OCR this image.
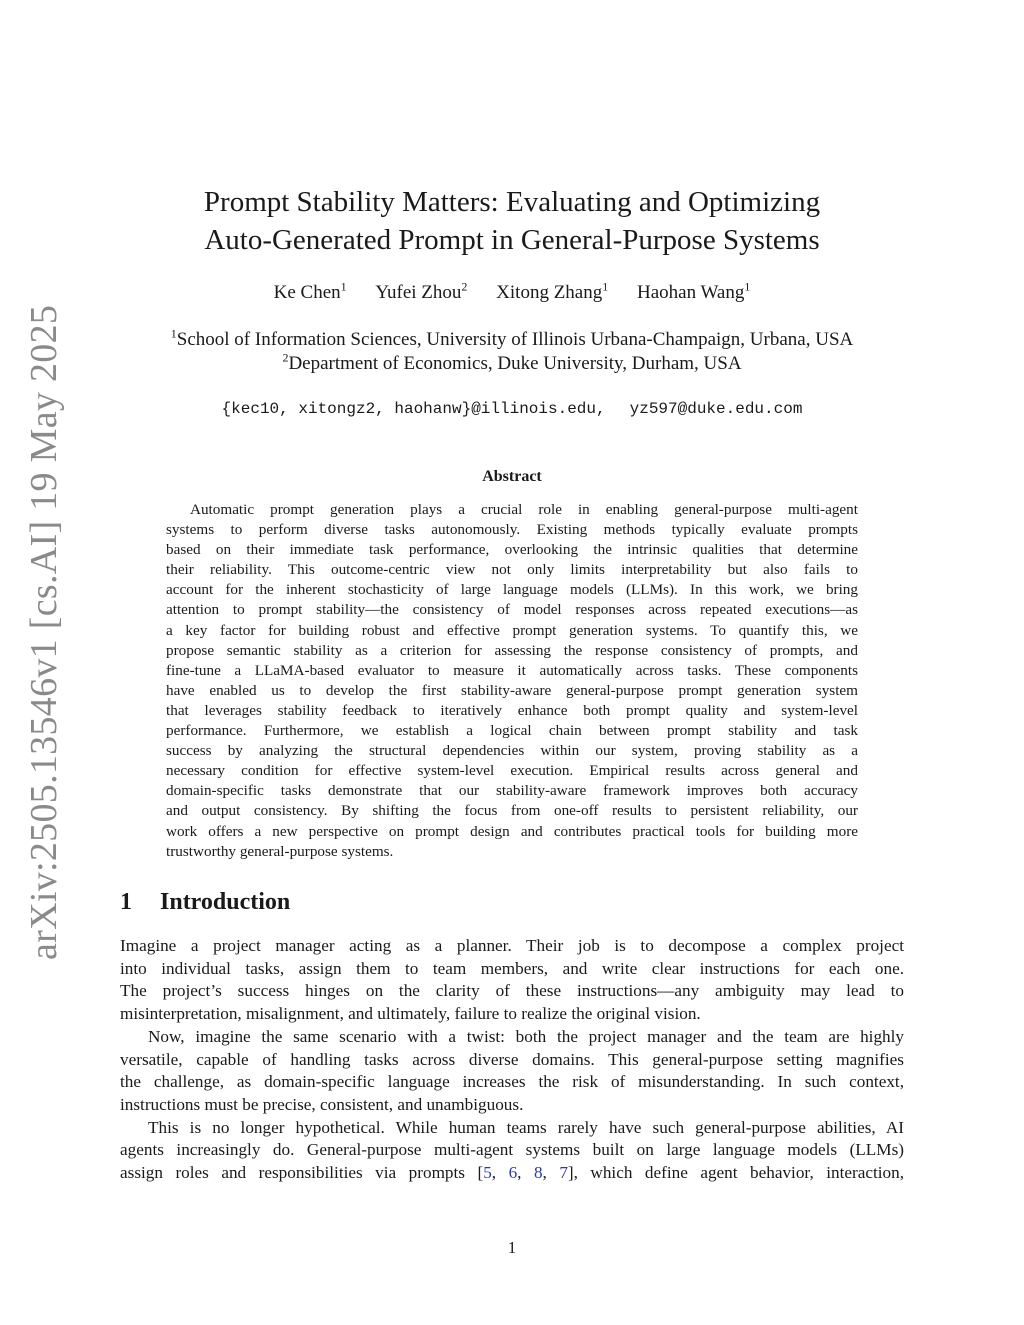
arXiv:2505.13546v1 [cs.AI] 19 May 2025
Prompt Stability Matters: Evaluating and Optimizing
Auto-Generated Prompt in General-Purpose Systems
Ke Chen$^1$ Yufei Zhou$^2$ Xitong Zhang$^1$ Haohan Wang$^1$
$^1$School of Information Sciences, University of Illinois Urbana-Champaign, Urbana, USA
$^2$Department of Economics, Duke University, Durham, USA
{kec10, xitongz2, haohanw}@illinois.edu, yz597@duke.edu.com
Abstract
Automatic prompt generation plays a crucial role in enabling general-purpose multi-agent
systems to perform diverse tasks autonomously. Existing methods typically evaluate prompts
based on their immediate task performance, overlooking the intrinsic qualities that determine
their reliability. This outcome-centric view not only limits interpretability but also fails to
account for the inherent stochasticity of large language models (LLMs). In this work, we bring
attention to prompt stability—the consistency of model responses across repeated executions—as
a key factor for building robust and effective prompt generation systems. To quantify this, we
propose semantic stability as a criterion for assessing the response consistency of prompts, and
fine-tune a LLaMA-based evaluator to measure it automatically across tasks. These components
have enabled us to develop the first stability-aware general-purpose prompt generation system
that leverages stability feedback to iteratively enhance both prompt quality and system-level
performance. Furthermore, we establish a logical chain between prompt stability and task
success by analyzing the structural dependencies within our system, proving stability as a
necessary condition for effective system-level execution. Empirical results across general and
domain-specific tasks demonstrate that our stability-aware framework improves both accuracy
and output consistency. By shifting the focus from one-off results to persistent reliability, our
work offers a new perspective on prompt design and contributes practical tools for building more
trustworthy general-purpose systems.
1 Introduction
Imagine a project manager acting as a planner. Their job is to decompose a complex project
into individual tasks, assign them to team members, and write clear instructions for each one.
The project’s success hinges on the clarity of these instructions—any ambiguity may lead to
misinterpretation, misalignment, and ultimately, failure to realize the original vision.
Now, imagine the same scenario with a twist: both the project manager and the team are highly
versatile, capable of handling tasks across diverse domains. This general-purpose setting magnifies
the challenge, as domain-specific language increases the risk of misunderstanding. In such context,
instructions must be precise, consistent, and unambiguous.
This is no longer hypothetical. While human teams rarely have such general-purpose abilities, AI
agents increasingly do. General-purpose multi-agent systems built on large language models (LLMs)
assign roles and responsibilities via prompts [5, 6, 8, 7], which define agent behavior, interaction,
1
